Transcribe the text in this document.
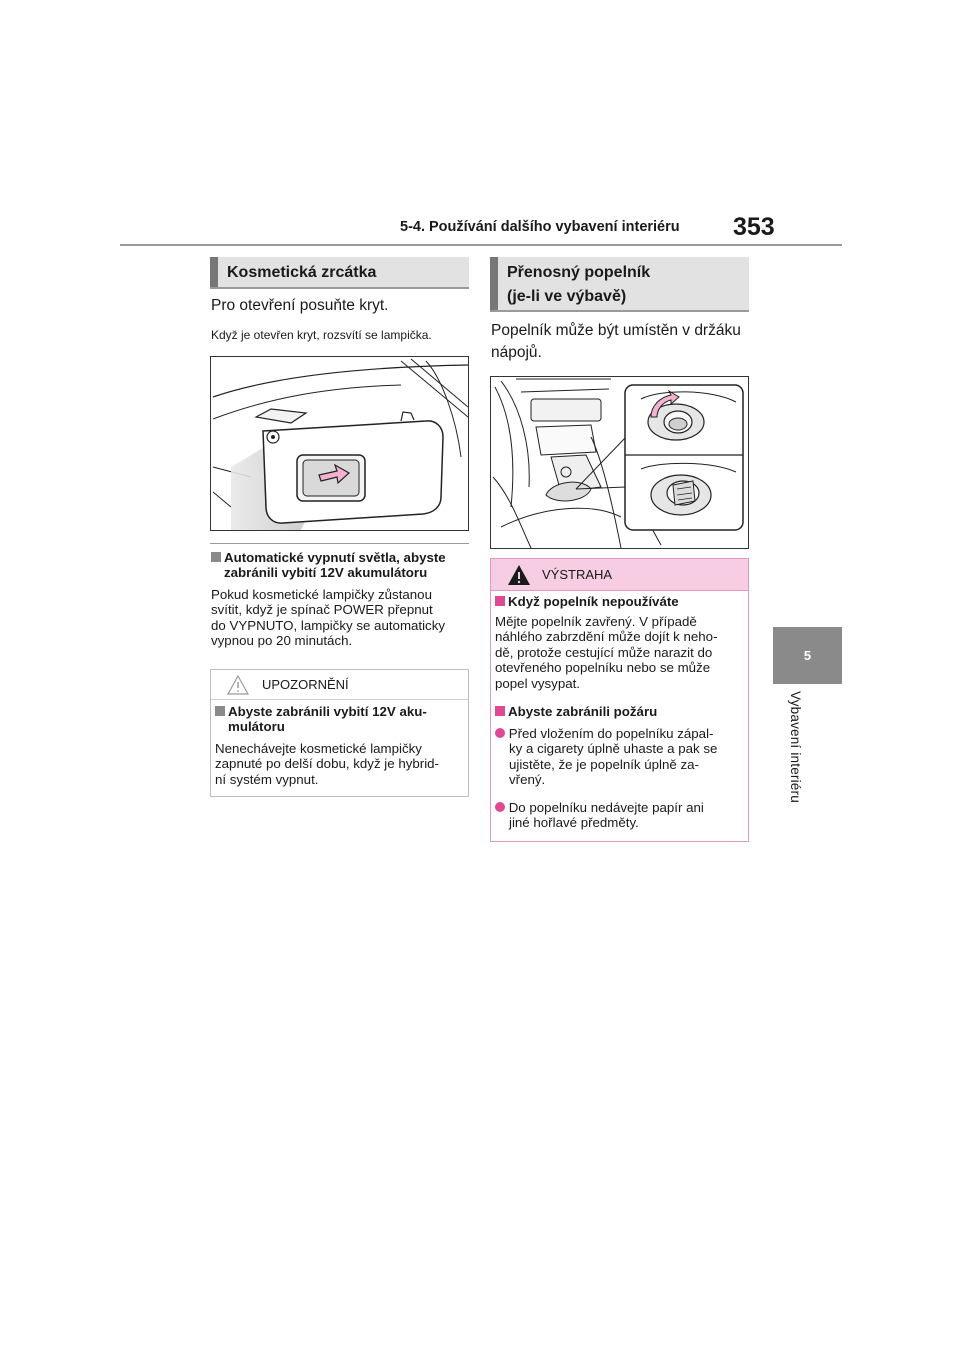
5-4. Používání dalšího vybavení interiéru 353
5
Vybavení interiéru
Kosmetická zrcátka
Pro otevření posuňte kryt.
Když je otevřen kryt, rozsvítí se lampička.
Automatické vypnutí světla, abyste
zabránili vybití 12V akumulátoru
Pokud kosmetické lampičky zůstanou
svítit, když je spínač POWER přepnut
do VYPNUTO, lampičky se automaticky
vypnou po 20 minutách.
UPOZORNĚNÍ
Abyste zabránili vybití 12V aku-
mulátoru
Nenechávejte kosmetické lampičky
zapnuté po delší dobu, když je hybrid-
ní systém vypnut.
Přenosný popelník
(je-li ve výbavě)
Popelník může být umístěn v držáku
nápojů.
VÝSTRAHA
Když popelník nepoužíváte
Mějte popelník zavřený. V případě
náhlého zabrzdění může dojít k neho-
dě, protože cestující může narazit do
otevřeného popelníku nebo se může
popel vysypat.
Abyste zabránili požáru
Před vložením do popelníku zápal-
ky a cigarety úplně uhaste a pak se
ujistěte, že je popelník úplně za-
vřený.
Do popelníku nedávejte papír ani
jiné hořlavé předměty.
